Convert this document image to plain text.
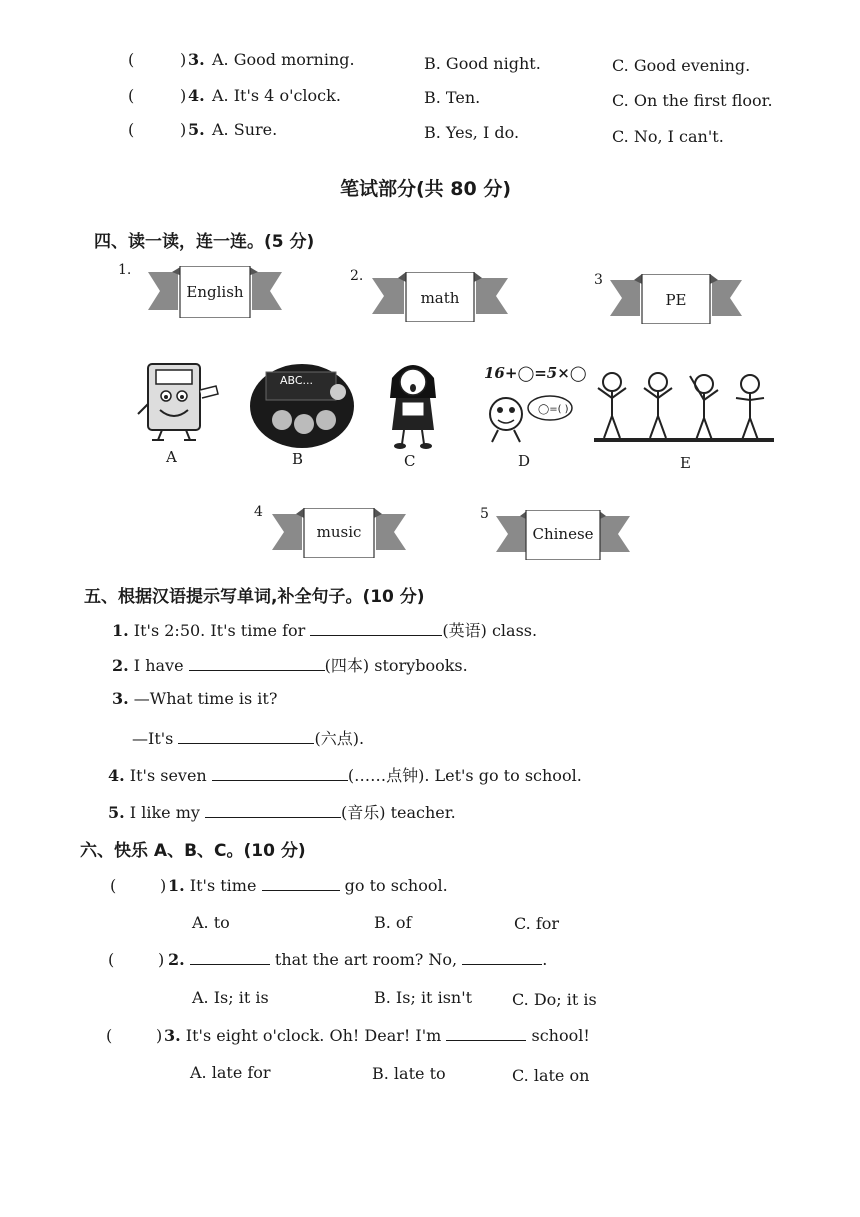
(	) 3. A. Good morning.	B. Good night.	C. Good evening.
(	) 4. A. It's 4 o'clock.	B. Ten.	C. On the first floor.
(	) 5. A. Sure.	B. Yes, I do.	C. No, I can't.
笔试部分(共 80 分)
四、读一读，连一连。(5 分)
1.
English
2.
math
3
PE
A
ABC...
B	C
16+◯=5×◯
◯=( )
D	E
4
music
5
Chinese
五、根据汉语提示写单词,补全句子。(10 分)
1. It's 2:50. It's time for	(英语) class.
2. I have	(四本) storybooks.
3. —What time is it?
—It's	(六点).
4. It's seven	(……点钟). Let's go to school.
5. I like my	(音乐) teacher.
六、快乐 A、B、C。(10 分)
(	) 1. It's time	go to school.
A. to	B. of	C. for
(	) 2.	that the art room? No,	.
A. Is; it is	B. Is; it isn't C. Do; it is
(	) 3. It's eight o'clock. Oh! Dear! I'm	school!
A. late for	B. late to	C. late on
